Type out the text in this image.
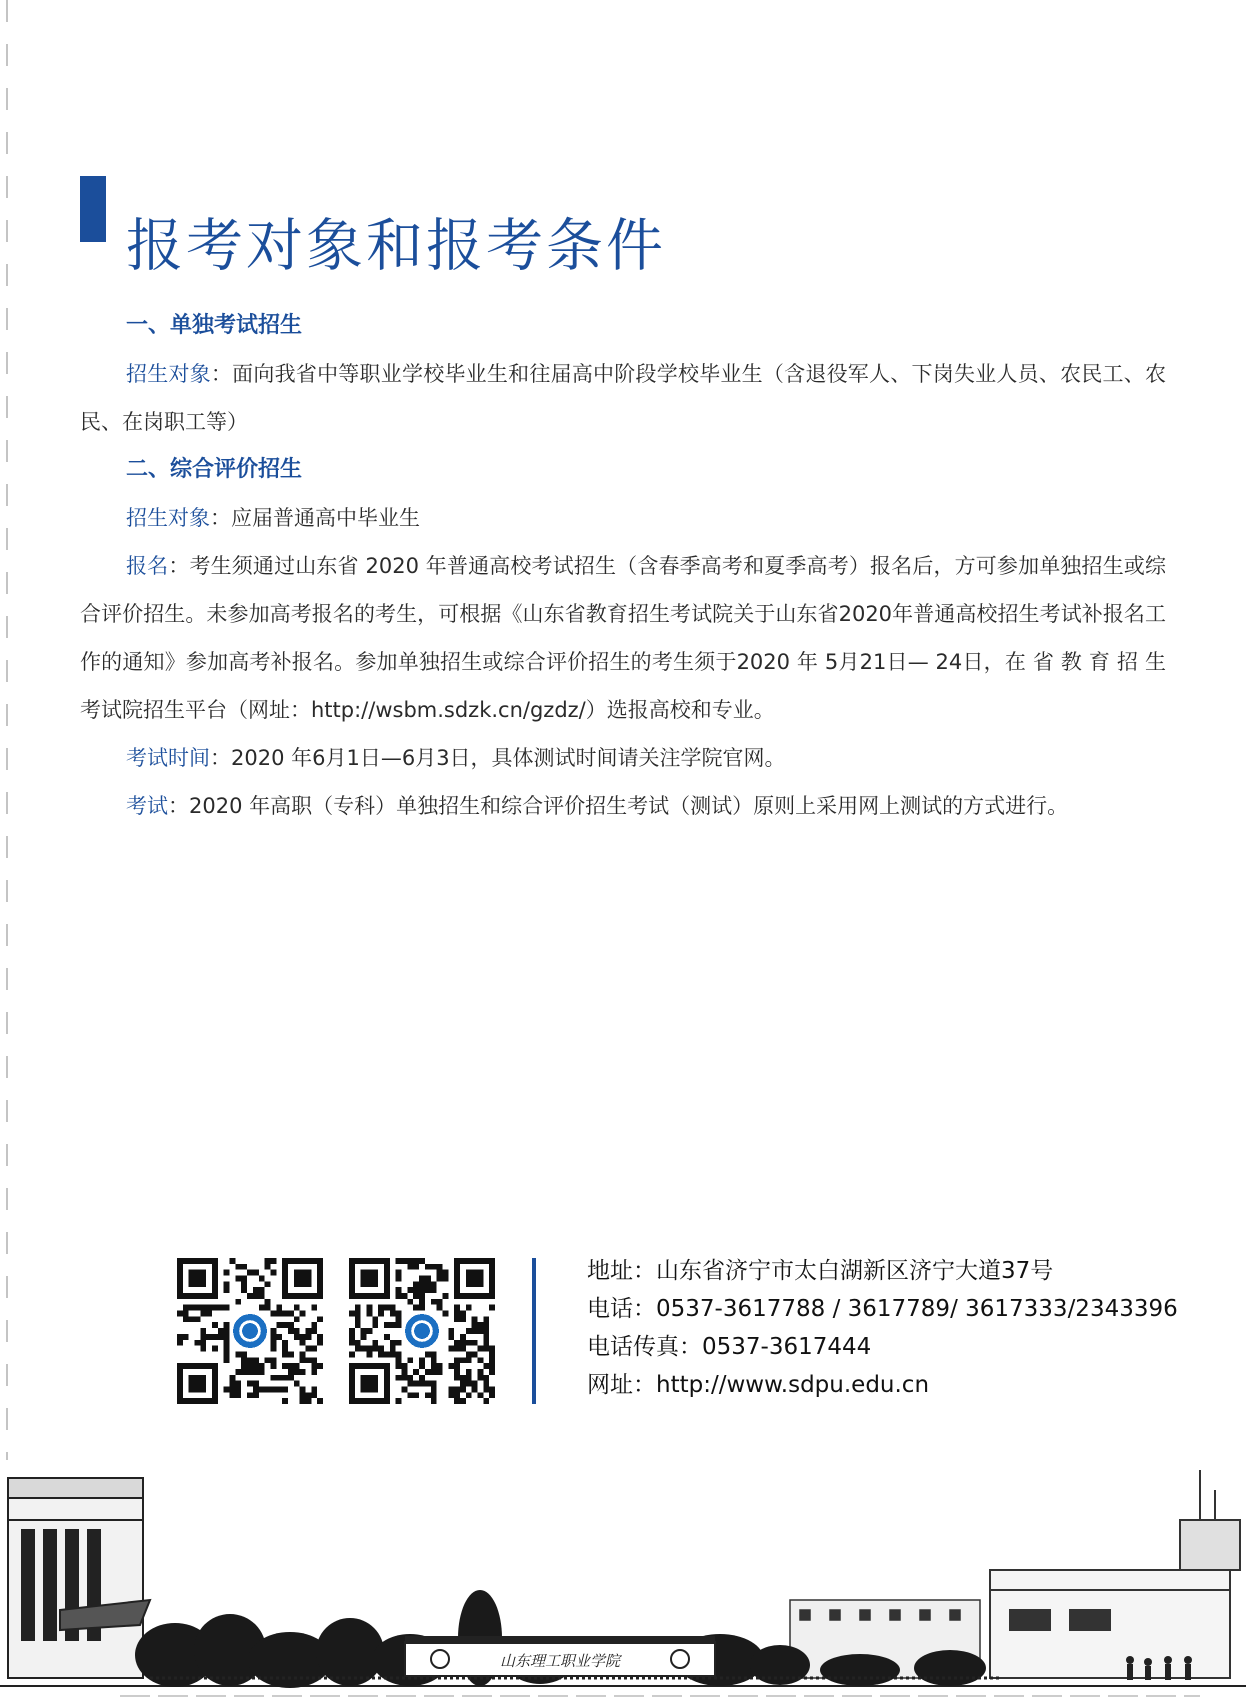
报考对象和报考条件

一、单独考试招生

招生对象：面向我省中等职业学校毕业生和往届高中阶段学校毕业生（含退役军人、下岗失业人员、农民工、农民、在岗职工等）

二、综合评价招生

招生对象：应届普通高中毕业生

报名：考生须通过山东省 2020 年普通高校考试招生（含春季高考和夏季高考）报名后，方可参加单独招生或综合评价招生。未参加高考报名的考生，可根据《山东省教育招生考试院关于山东省2020年普通高校招生考试补报名工作的通知》参加高考补报名。参加单独招生或综合评价招生的考生须于2020 年 5月21日— 24日，在 省 教 育 招 生考试院招生平台（网址：http://wsbm.sdzk.cn/gzdz/）选报高校和专业。

考试时间：2020 年6月1日—6月3日，具体测试时间请关注学院官网。

考试：2020 年高职（专科）单独招生和综合评价招生考试（测试）原则上采用网上测试的方式进行。

地址：山东省济宁市太白湖新区济宁大道37号
电话：0537-3617788 / 3617789/ 3617333/2343396
电话传真：0537-3617444
网址：http://www.sdpu.edu.cn
山东理工职业学院
